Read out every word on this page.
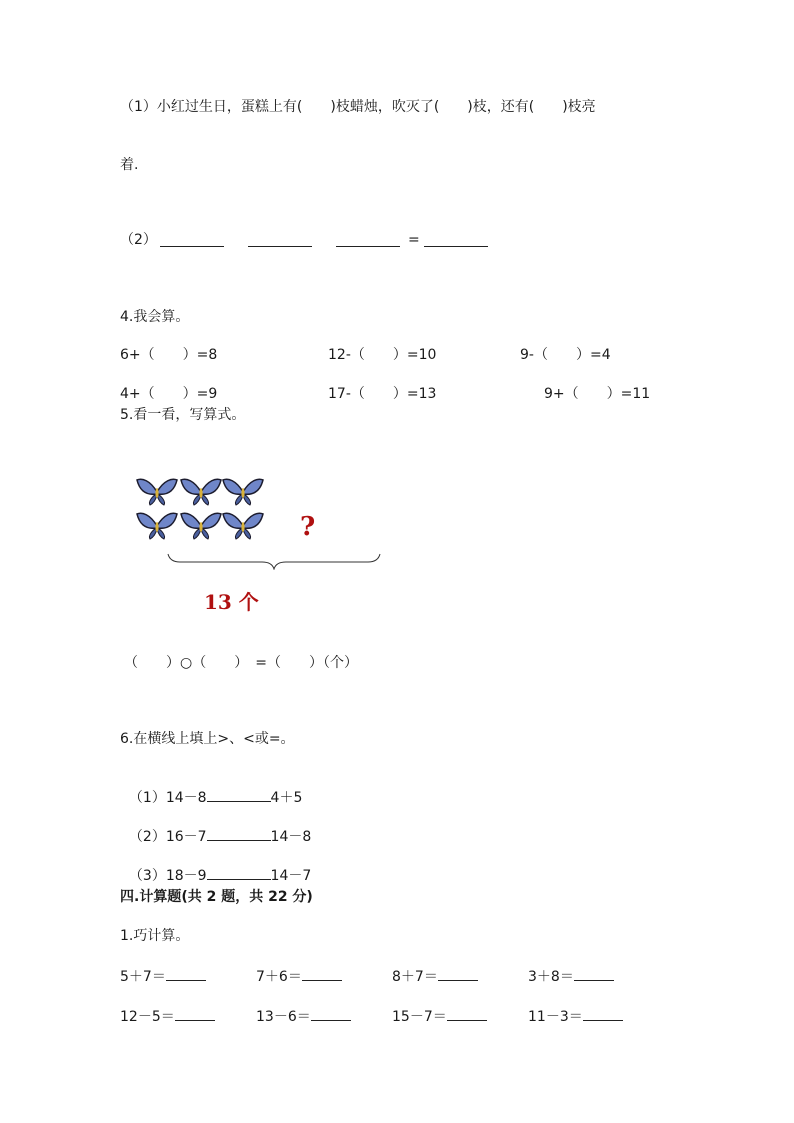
（1）小红过生日，蛋糕上有(　　)枝蜡烛，吹灭了(　　)枝，还有(　　)枝亮
着.
（2）	=
4.我会算。
6+（　　）=8	12-（　　）=10	9-（　　）=4
4+（　　）=9	17-（　　）=13	9+（　　）=11
5.看一看，写算式。
?
13 个
（　　）○（　　）　=（　　）（个）
6.在横线上填上>、<或=。

（1）14－8	4＋5

（2）16－7	14－8

（3）18－9	14－7

四.计算题(共 2 题，共 22 分)
1.巧计算。
5＋7＝	7＋6＝	8＋7＝	3＋8＝
12－5＝	13－6＝	15－7＝	11－3＝
